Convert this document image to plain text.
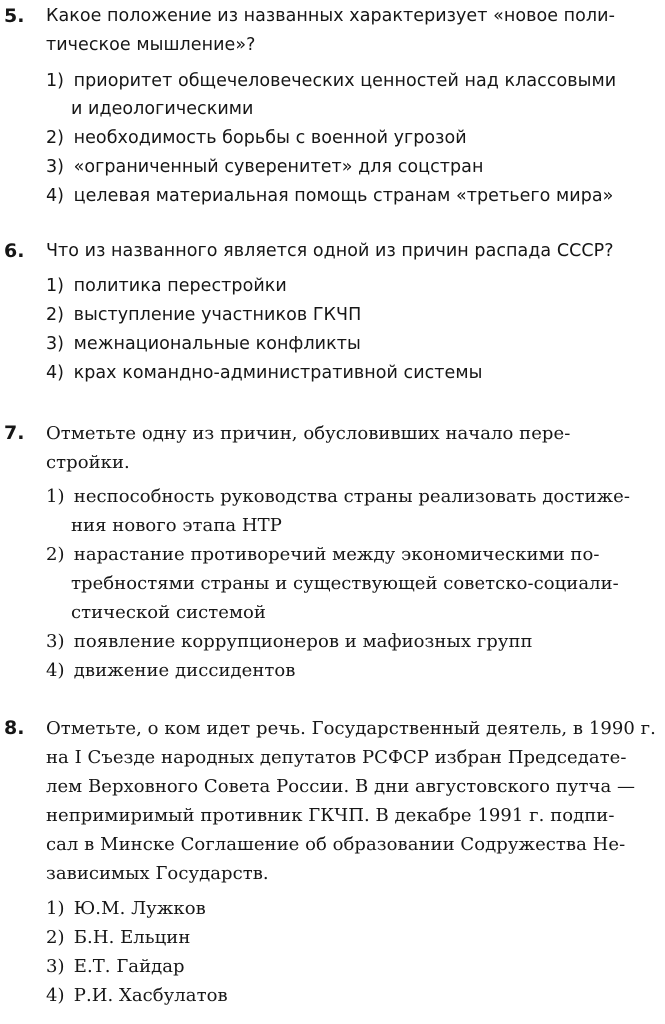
5. Какое положение из названных характеризует «новое поли-
тическое мышление»?
1) приоритет общечеловеческих ценностей над классовыми
и идеологическими
2) необходимость борьбы с военной угрозой
3) «ограниченный суверенитет» для соцстран
4) целевая материальная помощь странам «третьего мира»
6. Что из названного является одной из причин распада СССР?
1) политика перестройки
2) выступление участников ГКЧП
3) межнациональные конфликты
4) крах командно-административной системы
7. Отметьте одну из причин, обусловивших начало пере-
стройки.
1) неспособность руководства страны реализовать достиже-
ния нового этапа НТР
2) нарастание противоречий между экономическими по-
требностями страны и существующей советско-социали-
стической системой
3) появление коррупционеров и мафиозных групп
4) движение диссидентов
8. Отметьте, о ком идет речь. Государственный деятель, в 1990 г.
на I Съезде народных депутатов РСФСР избран Председате-
лем Верховного Совета России. В дни августовского путча —
непримиримый противник ГКЧП. В декабре 1991 г. подпи-
сал в Минске Соглашение об образовании Содружества Не-
зависимых Государств.
1) Ю.М. Лужков
2) Б.Н. Ельцин
3) Е.Т. Гайдар
4) Р.И. Хасбулатов
